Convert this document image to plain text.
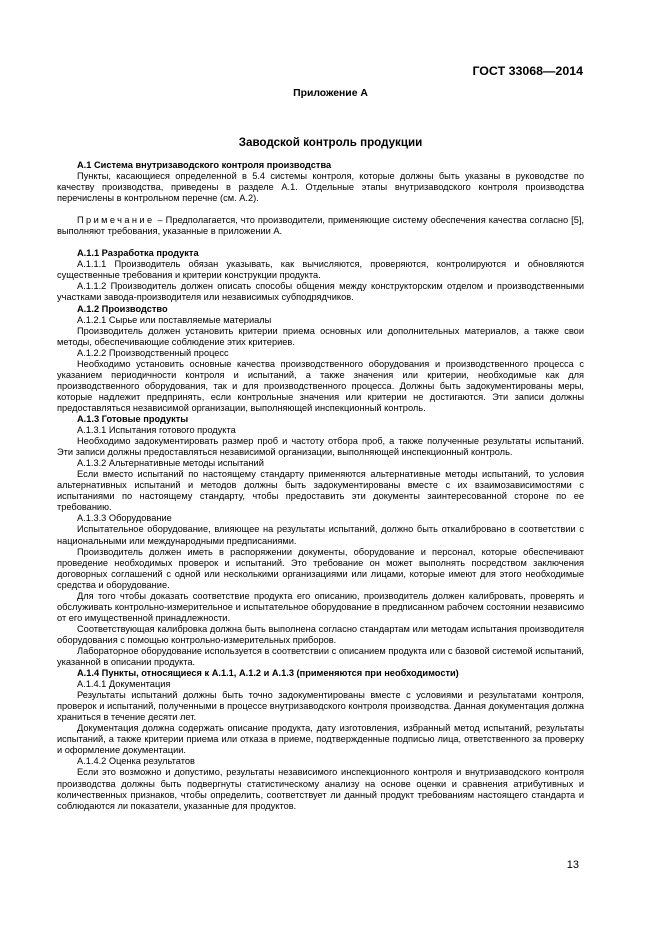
ГОСТ 33068—2014
Приложение А
Заводской контроль продукции

А.1 Система внутризаводского контроля производства

Пункты, касающиеся определенной в 5.4 системы контроля, которые должны быть указаны в руководстве по качеству производства, приведены в разделе А.1. Отдельные этапы внутризаводского контроля производства перечислены в контрольном перечне (см. А.2).

Примечание – Предполагается, что производители, применяющие систему обеспечения качества согласно [5], выполняют требования, указанные в приложении А.

А.1.1 Разработка продукта

А.1.1.1 Производитель обязан указывать, как вычисляются, проверяются, контролируются и обновляются существенные требования и критерии конструкции продукта.

А.1.1.2 Производитель должен описать способы общения между конструкторским отделом и производственными участками завода-производителя или независимых субподрядчиков.

А.1.2 Производство

А.1.2.1 Сырье или поставляемые материалы

Производитель должен установить критерии приема основных или дополнительных материалов, а также свои методы, обеспечивающие соблюдение этих критериев.

А.1.2.2 Производственный процесс

Необходимо установить основные качества производственного оборудования и производственного процесса с указанием периодичности контроля и испытаний, а также значения или критерии, необходимые как для производственного оборудования, так и для производственного процесса. Должны быть задокументированы меры, которые надлежит предпринять, если контрольные значения или критерии не достигаются. Эти записи должны предоставляться независимой организации, выполняющей инспекционный контроль.

А.1.3 Готовые продукты

А.1.3.1 Испытания готового продукта

Необходимо задокументировать размер проб и частоту отбора проб, а также полученные результаты испытаний. Эти записи должны предоставляться независимой организации, выполняющей инспекционный контроль.

А.1.3.2 Альтернативные методы испытаний

Если вместо испытаний по настоящему стандарту применяются альтернативные методы испытаний, то условия альтернативных испытаний и методов должны быть задокументированы вместе с их взаимозависимостями с испытаниями по настоящему стандарту, чтобы предоставить эти документы заинтересованной стороне по ее требованию.

А.1.3.3 Оборудование

Испытательное оборудование, влияющее на результаты испытаний, должно быть откалибровано в соответствии с национальными или международными предписаниями.

Производитель должен иметь в распоряжении документы, оборудование и персонал, которые обеспечивают проведение необходимых проверок и испытаний. Это требование он может выполнять посредством заключения договорных соглашений с одной или несколькими организациями или лицами, которые имеют для этого необходимые средства и оборудование.

Для того чтобы доказать соответствие продукта его описанию, производитель должен калибровать, проверять и обслуживать контрольно-измерительное и испытательное оборудование в предписанном рабочем состоянии независимо от его имущественной принадлежности.

Соответствующая калибровка должна быть выполнена согласно стандартам или методам испытания производителя оборудования с помощью контрольно-измерительных приборов.

Лабораторное оборудование используется в соответствии с описанием продукта или с базовой системой испытаний, указанной в описании продукта.

А.1.4 Пункты, относящиеся к А.1.1, А.1.2 и А.1.3 (применяются при необходимости)

А.1.4.1 Документация

Результаты испытаний должны быть точно задокументированы вместе с условиями и результатами контроля, проверок и испытаний, полученными в процессе внутризаводского контроля производства. Данная документация должна храниться в течение десяти лет.

Документация должна содержать описание продукта, дату изготовления, избранный метод испытаний, результаты испытаний, а также критерии приема или отказа в приеме, подтвержденные подписью лица, ответственного за проверку и оформление документации.

А.1.4.2 Оценка результатов

Если это возможно и допустимо, результаты независимого инспекционного контроля и внутризаводского контроля производства должны быть подвергнуты статистическому анализу на основе оценки и сравнения атрибутивных и количественных признаков, чтобы определить, соответствует ли данный продукт требованиям настоящего стандарта и соблюдаются ли показатели, указанные для продуктов.

13
